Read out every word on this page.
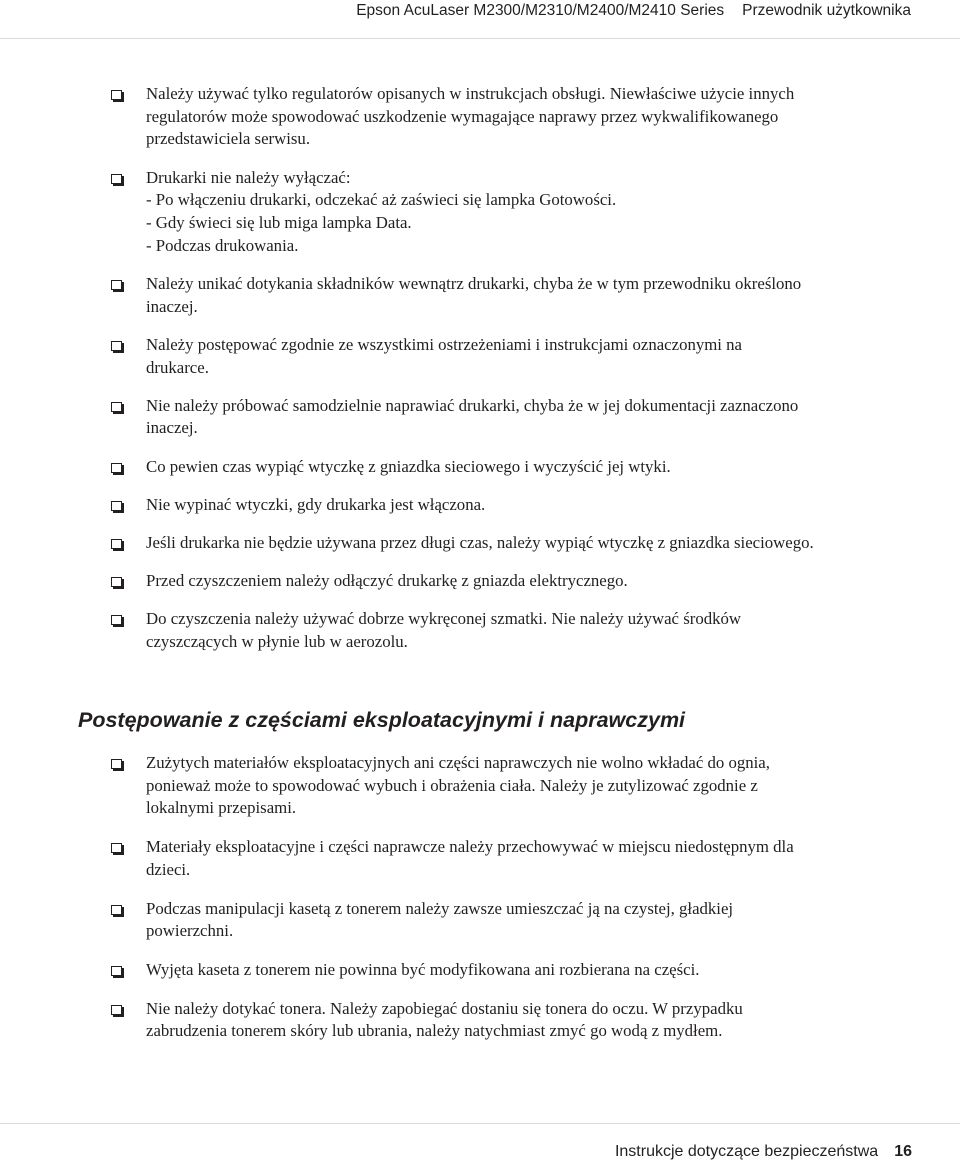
Epson AcuLaser M2300/M2310/M2400/M2410 Series Przewodnik użytkownika
Należy używać tylko regulatorów opisanych w instrukcjach obsługi. Niewłaściwe użycie innych
regulatorów może spowodować uszkodzenie wymagające naprawy przez wykwalifikowanego
przedstawiciela serwisu.
Drukarki nie należy wyłączać:
- Po włączeniu drukarki, odczekać aż zaświeci się lampka Gotowości.
- Gdy świeci się lub miga lampka Data.
- Podczas drukowania.
Należy unikać dotykania składników wewnątrz drukarki, chyba że w tym przewodniku określono
inaczej.
Należy postępować zgodnie ze wszystkimi ostrzeżeniami i instrukcjami oznaczonymi na
drukarce.
Nie należy próbować samodzielnie naprawiać drukarki, chyba że w jej dokumentacji zaznaczono
inaczej.
Co pewien czas wypiąć wtyczkę z gniazdka sieciowego i wyczyścić jej wtyki.
Nie wypinać wtyczki, gdy drukarka jest włączona.
Jeśli drukarka nie będzie używana przez długi czas, należy wypiąć wtyczkę z gniazdka sieciowego.
Przed czyszczeniem należy odłączyć drukarkę z gniazda elektrycznego.
Do czyszczenia należy używać dobrze wykręconej szmatki. Nie należy używać środków
czyszczących w płynie lub w aerozolu.
Postępowanie z częściami eksploatacyjnymi i naprawczymi
Zużytych materiałów eksploatacyjnych ani części naprawczych nie wolno wkładać do ognia,
ponieważ może to spowodować wybuch i obrażenia ciała. Należy je zutylizować zgodnie z
lokalnymi przepisami.
Materiały eksploatacyjne i części naprawcze należy przechowywać w miejscu niedostępnym dla
dzieci.
Podczas manipulacji kasetą z tonerem należy zawsze umieszczać ją na czystej, gładkiej
powierzchni.
Wyjęta kaseta z tonerem nie powinna być modyfikowana ani rozbierana na części.
Nie należy dotykać tonera. Należy zapobiegać dostaniu się tonera do oczu. W przypadku
zabrudzenia tonerem skóry lub ubrania, należy natychmiast zmyć go wodą z mydłem.
Instrukcje dotyczące bezpieczeństwa 16
